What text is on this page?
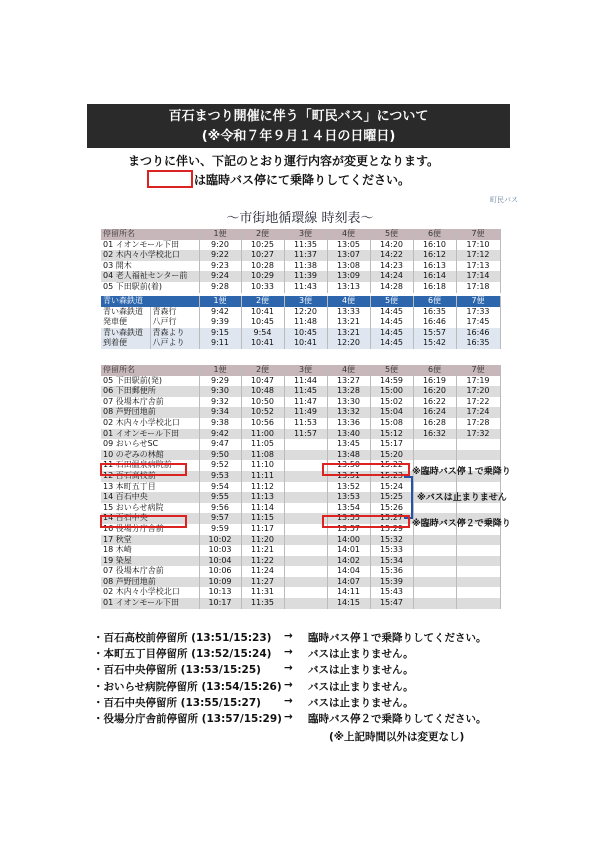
百石まつり開催に伴う「町民バス」について
(※令和７年９月１４日の日曜日)
まつりに伴い、下記のとおり運行内容が変更となります。
は臨時バス停にて乗降りしてください。
町民バス
～市街地循環線 時刻表～
停留所名	1便	2便	3便	4便	5便	6便	7便
01 イオンモール下田	9:20	10:25	11:35	13:05	14:20	16:10	17:10
02 木内々小学校北口	9:22	10:27	11:37	13:07	14:22	16:12	17:12
03 開木	9:23	10:28	11:38	13:08	14:23	16:13	17:13
04 老人福祉センター前	9:24	10:29	11:39	13:09	14:24	16:14	17:14
05 下田駅前(着)	9:28	10:33	11:43	13:13	14:28	16:18	17:18
青い森鉄道		1便	2便	3便	4便	5便	6便	7便
青い森鉄道	青森行	9:42	10:41	12:20	13:33	14:45	16:35	17:33
発車便	八戸行	9:39	10:45	11:48	13:21	14:45	16:46	17:45
青い森鉄道	青森より	9:15	9:54	10:45	13:21	14:45	15:57	16:46
到着便	八戸より	9:11	10:41	10:41	12:20	14:45	15:42	16:35
停留所名	1便	2便	3便	4便	5便	6便	7便
05 下田駅前(発)	9:29	10:47	11:44	13:27	14:59	16:19	17:19
06 下田郵便所	9:30	10:48	11:45	13:28	15:00	16:20	17:20
07 役場本庁舎前	9:32	10:50	11:47	13:30	15:02	16:22	17:22
08 芦野団地前	9:34	10:52	11:49	13:32	15:04	16:24	17:24
02 木内々小学校北口	9:38	10:56	11:53	13:36	15:08	16:28	17:28
01 イオンモール下田	9:42	11:00	11:57	13:40	15:12	16:32	17:32
09 おいらせSC	9:47	11:05		13:45	15:17		
10 のぞみの林館	9:50	11:08		13:48	15:20		
11 石田温泉病院前	9:52	11:10		13:50	15:22		
12 百石高校前	9:53	11:11		13:51	15:23		
13 本町五丁目	9:54	11:12		13:52	15:24		
14 百石中央	9:55	11:13		13:53	15:25		
15 おいらせ病院	9:56	11:14		13:54	15:26		
14 百石中央	9:57	11:15		13:55	15:27		
16 役場分庁舎前	9:59	11:17		13:57	15:29		
17 秋堂	10:02	11:20		14:00	15:32		
18 木崎	10:03	11:21		14:01	15:33		
19 染屋	10:04	11:22		14:02	15:34		
07 役場本庁舎前	10:06	11:24		14:04	15:36		
08 芦野団地前	10:09	11:27		14:07	15:39		
02 木内々小学校北口	10:13	11:31		14:11	15:43		
01 イオンモール下田	10:17	11:35		14:15	15:47		
※臨時バス停１で乗降り
※バスは止まりません
※臨時バス停２で乗降り
・百石高校前停留所 (13:51/15:23) → 臨時バス停１で乗降りしてください。
・本町五丁目停留所 (13:52/15:24) → バスは止まりません。
・百石中央停留所 (13:53/15:25) → バスは止まりません。
・おいらせ病院停留所 (13:54/15:26) → バスは止まりません。
・百石中央停留所 (13:55/15:27) → バスは止まりません。
・役場分庁舎前停留所 (13:57/15:29) → 臨時バス停２で乗降りしてください。
(※上記時間以外は変更なし)
